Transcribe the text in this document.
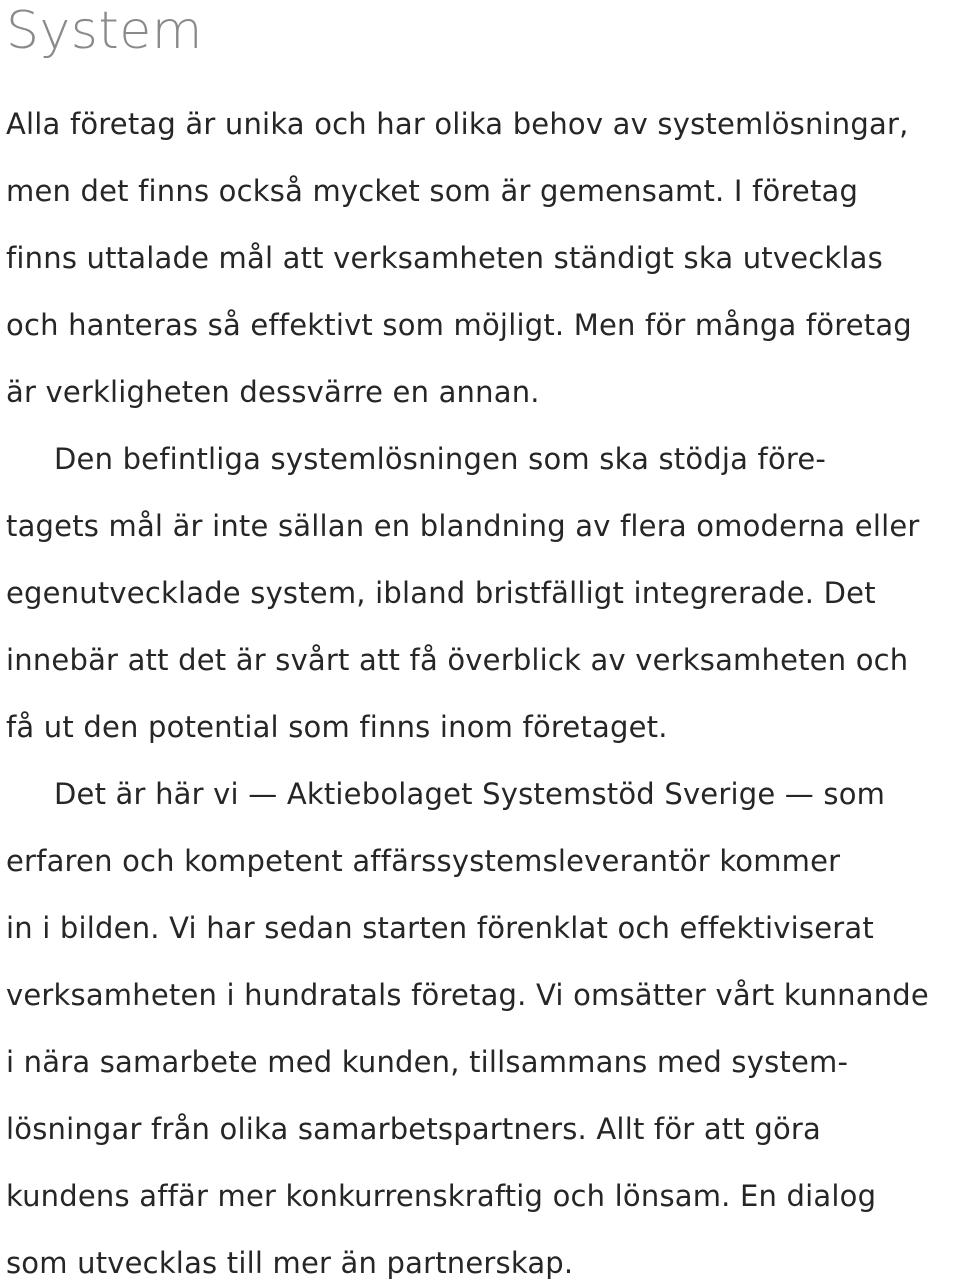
System

Alla företag är unika och har olika behov av systemlösningar,

men det finns också mycket som är gemensamt. I företag

finns uttalade mål att verksamheten ständigt ska utvecklas

och hanteras så effektivt som möjligt. Men för många företag

är verkligheten dessvärre en annan.

Den befintliga systemlösningen som ska stödja före-

tagets mål är inte sällan en blandning av flera omoderna eller

egenutvecklade system, ibland bristfälligt integrerade. Det

innebär att det är svårt att få överblick av verksamheten och

få ut den potential som finns inom företaget.

Det är här vi — Aktiebolaget Systemstöd Sverige — som

erfaren och kompetent affärssystemsleverantör kommer

in i bilden. Vi har sedan starten förenklat och effektiviserat

verksamheten i hundratals företag. Vi omsätter vårt kunnande

i nära samarbete med kunden, tillsammans med system-

lösningar från olika samarbetspartners. Allt för att göra

kundens affär mer konkurrenskraftig och lönsam. En dialog

som utvecklas till mer än partnerskap.
